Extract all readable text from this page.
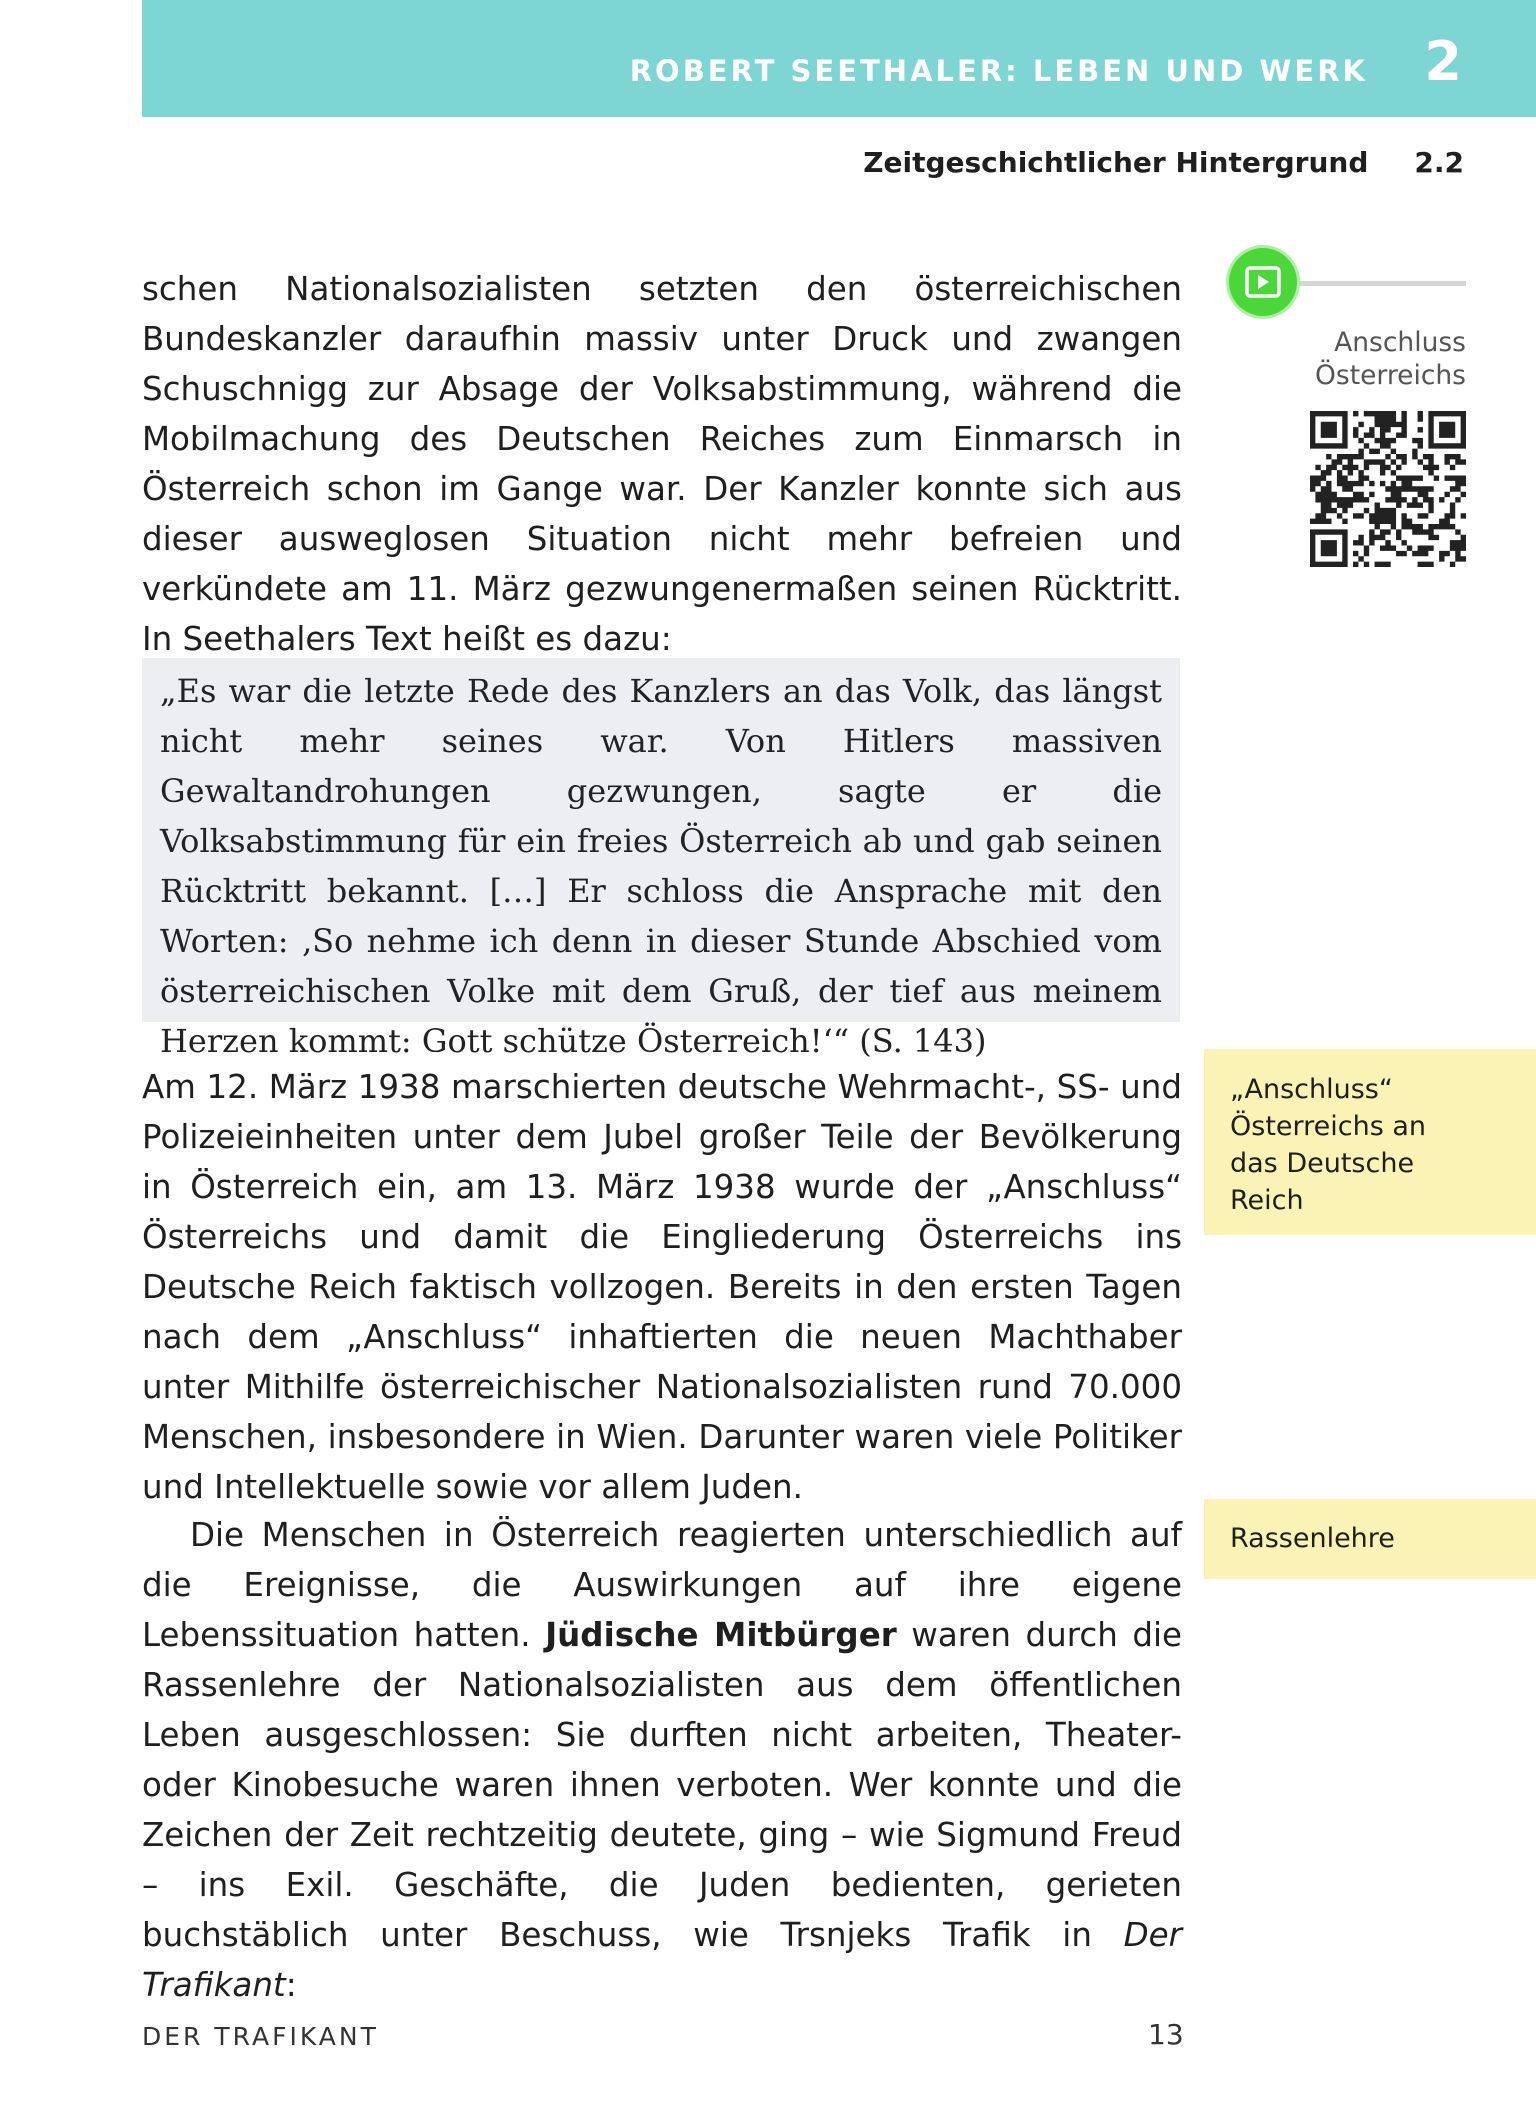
ROBERT SEETHALER: LEBEN UND WERK 2
Zeitgeschichtlicher Hintergrund 2.2

schen Nationalsozialisten setzten den österreichischen Bundeskanzler daraufhin massiv unter Druck und zwangen Schuschnigg zur Absage der Volksabstimmung, während die Mobilmachung des Deutschen Reiches zum Einmarsch in Österreich schon im Gange war. Der Kanzler konnte sich aus dieser ausweglosen Situation nicht mehr befreien und verkündete am 11. März gezwungenermaßen seinen Rücktritt. In Seethalers Text heißt es dazu:

„Es war die letzte Rede des Kanzlers an das Volk, das längst nicht mehr seines war. Von Hitlers massiven Gewaltandrohungen gezwungen, sagte er die Volksabstimmung für ein freies Österreich ab und gab seinen Rücktritt bekannt. […] Er schloss die Ansprache mit den Worten: ‚So nehme ich denn in dieser Stunde Abschied vom österreichischen Volke mit dem Gruß, der tief aus meinem Herzen kommt: Gott schütze Österreich!‘“ (S. 143)

Am 12. März 1938 marschierten deutsche Wehrmacht-, SS- und Polizeieinheiten unter dem Jubel großer Teile der Bevölkerung in Österreich ein, am 13. März 1938 wurde der „Anschluss“ Österreichs und damit die Eingliederung Österreichs ins Deutsche Reich faktisch vollzogen. Bereits in den ersten Tagen nach dem „Anschluss“ inhaftierten die neuen Machthaber unter Mithilfe österreichischer Nationalsozialisten rund 70.000 Menschen, insbesondere in Wien. Darunter waren viele Politiker und Intellektuelle sowie vor allem Juden.

Die Menschen in Österreich reagierten unterschiedlich auf die Ereignisse, die Auswirkungen auf ihre eigene Lebenssituation hatten. Jüdische Mitbürger waren durch die Rassenlehre der Nationalsozialisten aus dem öffentlichen Leben ausgeschlossen: Sie durften nicht arbeiten, Theater- oder Kinobesuche waren ihnen verboten. Wer konnte und die Zeichen der Zeit rechtzeitig deutete, ging – wie Sigmund Freud – ins Exil. Geschäfte, die Juden bedienten, gerieten buchstäblich unter Beschuss, wie Trsnjeks Trafik in Der Trafikant:

Anschluss
Österreichs
„Anschluss“
Österreichs an
das Deutsche
Reich
Rassenlehre
DER TRAFIKANT	13
